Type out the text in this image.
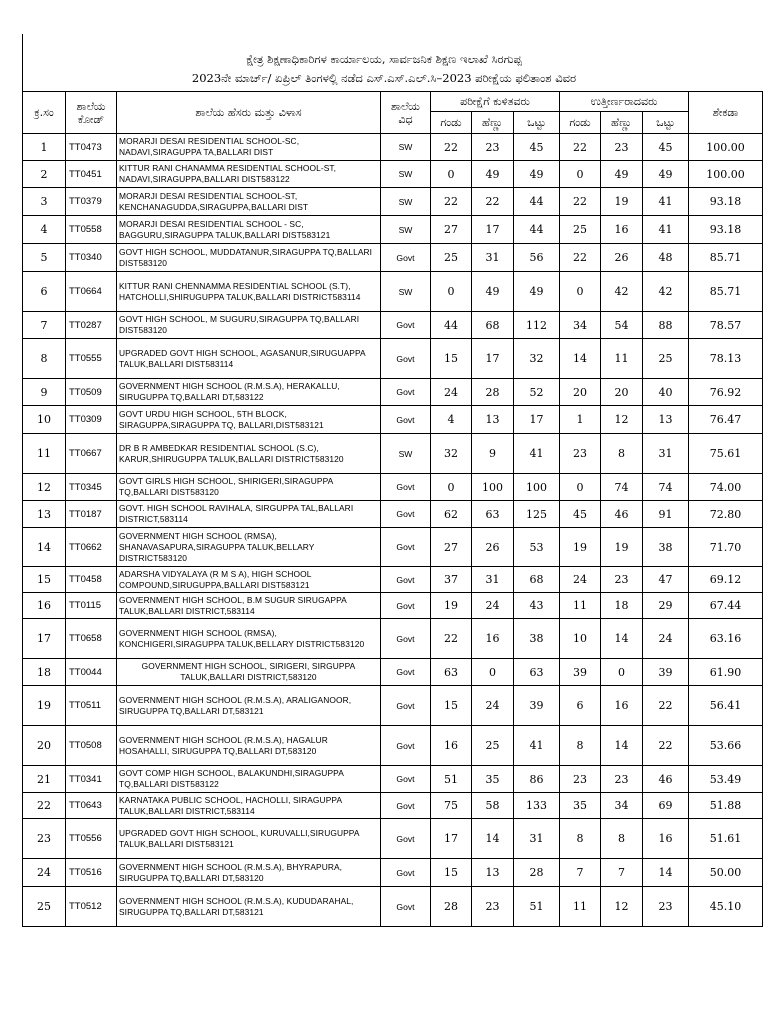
ಕ್ಷೇತ್ರ ಶಿಕ್ಷಣಾಧಿಕಾರಿಗಳ ಕಾರ್ಯಾಲಯ, ಸಾರ್ವಜನಿಕ ಶಿಕ್ಷಣ ಇಲಾಖೆ ಸಿರಗುಪ್ಪ
2023ನೇ ಮಾರ್ಚ್/ ಏಪ್ರಿಲ್ ತಿಂಗಳಲ್ಲಿ ನಡೆದ ಎಸ್.ಎಸ್.ಎಲ್.ಸಿ–2023 ಪರೀಕ್ಷೆಯ ಫಲಿತಾಂಶ ವಿವರ
ಕ್ರ.ಸಂ	ಶಾಲೆಯ ಕೋಡ್	ಶಾಲೆಯ ಹೆಸರು ಮತ್ತು ವಿಳಾಸ	ಶಾಲೆಯ ವಿಧ	ಪರೀಕ್ಷೆಗೆ ಕುಳಿತವರು			ಉತ್ತೀರ್ಣರಾದವರು			ಶೇಕಡಾ
				ಗಂಡು	ಹೆಣ್ಣು	ಒಟ್ಟು	ಗಂಡು	ಹೆಣ್ಣು	ಒಟ್ಟು	
1	TT0473	MORARJI DESAI RESIDENTIAL SCHOOL-SC, NADAVI,SIRAGUPPA TA,BALLARI DIST	SW	22	23	45	22	23	45	100.00
2	TT0451	KITTUR RANI CHANAMMA RESIDENTIAL SCHOOL-ST, NADAVI,SIRAGUPPA,BALLARI DIST583122	SW	0	49	49	0	49	49	100.00
3	TT0379	MORARJI DESAI RESIDENTIAL SCHOOL-ST, KENCHANAGUDDA,SIRAGUPPA,BALLARI DIST	SW	22	22	44	22	19	41	93.18
4	TT0558	MORARJI DESAI RESIDENTIAL SCHOOL - SC, BAGGURU,SIRAGUPPA TALUK,BALLARI DIST583121	SW	27	17	44	25	16	41	93.18
5	TT0340	GOVT HIGH SCHOOL, MUDDATANUR,SIRAGUPPA TQ,BALLARI DIST583120	Govt	25	31	56	22	26	48	85.71
6	TT0664	KITTUR RANI CHENNAMMA RESIDENTIAL SCHOOL (S.T), HATCHOLLI,SHIRUGUPPA TALUK,BALLARI DISTRICT583114	SW	0	49	49	0	42	42	85.71
7	TT0287	GOVT HIGH SCHOOL, M SUGURU,SIRAGUPPA TQ,BALLARI DIST583120	Govt	44	68	112	34	54	88	78.57
8	TT0555	UPGRADED GOVT HIGH SCHOOL, AGASANUR,SIRUGUAPPA TALUK,BALLARI DIST583114	Govt	15	17	32	14	11	25	78.13
9	TT0509	GOVERNMENT HIGH SCHOOL (R.M.S.A), HERAKALLU, SIRUGUPPA TQ,BALLARI DT,583122	Govt	24	28	52	20	20	40	76.92
10	TT0309	GOVT URDU HIGH SCHOOL, 5TH BLOCK, SIRAGUPPA,SIRAGUPPA TQ, BALLARI,DIST583121	Govt	4	13	17	1	12	13	76.47
11	TT0667	DR B R AMBEDKAR RESIDENTIAL SCHOOL (S.C), KARUR,SHIRUGUPPA TALUK,BALLARI DISTRICT583120	SW	32	9	41	23	8	31	75.61
12	TT0345	GOVT GIRLS HIGH SCHOOL, SHIRIGERI,SIRAGUPPA TQ,BALLARI DIST583120	Govt	0	100	100	0	74	74	74.00
13	TT0187	GOVT. HIGH SCHOOL RAVIHALA, SIRGUPPA TAL,BALLARI DISTRICT,583114	Govt	62	63	125	45	46	91	72.80
14	TT0662	GOVERNMENT HIGH SCHOOL (RMSA), SHANAVASAPURA,SIRAGUPPA TALUK,BELLARY DISTRICT583120	Govt	27	26	53	19	19	38	71.70
15	TT0458	ADARSHA VIDYALAYA (R M S A), HIGH SCHOOL COMPOUND,SIRUGUPPA,BALLARI DIST583121	Govt	37	31	68	24	23	47	69.12
16	TT0115	GOVERNMENT HIGH SCHOOL, B.M SUGUR SIRUGAPPA TALUK,BALLARI DISTRICT,583114	Govt	19	24	43	11	18	29	67.44
17	TT0658	GOVERNMENT HIGH SCHOOL (RMSA), KONCHIGERI,SIRAGUPPA TALUK,BELLARY DISTRICT583120	Govt	22	16	38	10	14	24	63.16
18	TT0044	GOVERNMENT HIGH SCHOOL, SIRIGERI, SIRGUPPA TALUK,BALLARI DISTRICT,583120	Govt	63	0	63	39	0	39	61.90
19	TT0511	GOVERNMENT HIGH SCHOOL (R.M.S.A), ARALIGANOOR, SIRUGUPPA TQ,BALLARI DT,583121	Govt	15	24	39	6	16	22	56.41
20	TT0508	GOVERNMENT HIGH SCHOOL (R.M.S.A), HAGALUR HOSAHALLI, SIRUGUPPA TQ,BALLARI DT,583120	Govt	16	25	41	8	14	22	53.66
21	TT0341	GOVT COMP HIGH SCHOOL, BALAKUNDHI,SIRAGUPPA TQ,BALLARI DIST583122	Govt	51	35	86	23	23	46	53.49
22	TT0643	KARNATAKA PUBLIC SCHOOL, HACHOLLI, SIRAGUPPA TALUK,BALLARI DISTRICT,583114	Govt	75	58	133	35	34	69	51.88
23	TT0556	UPGRADED GOVT HIGH SCHOOL, KURUVALLI,SIRUGUPPA TALUK,BALLARI DIST583121	Govt	17	14	31	8	8	16	51.61
24	TT0516	GOVERNMENT HIGH SCHOOL (R.M.S.A), BHYRAPURA, SIRUGUPPA TQ,BALLARI DT,583120	Govt	15	13	28	7	7	14	50.00
25	TT0512	GOVERNMENT HIGH SCHOOL (R.M.S.A), KUDUDARAHAL, SIRUGUPPA TQ,BALLARI DT,583121	Govt	28	23	51	11	12	23	45.10
